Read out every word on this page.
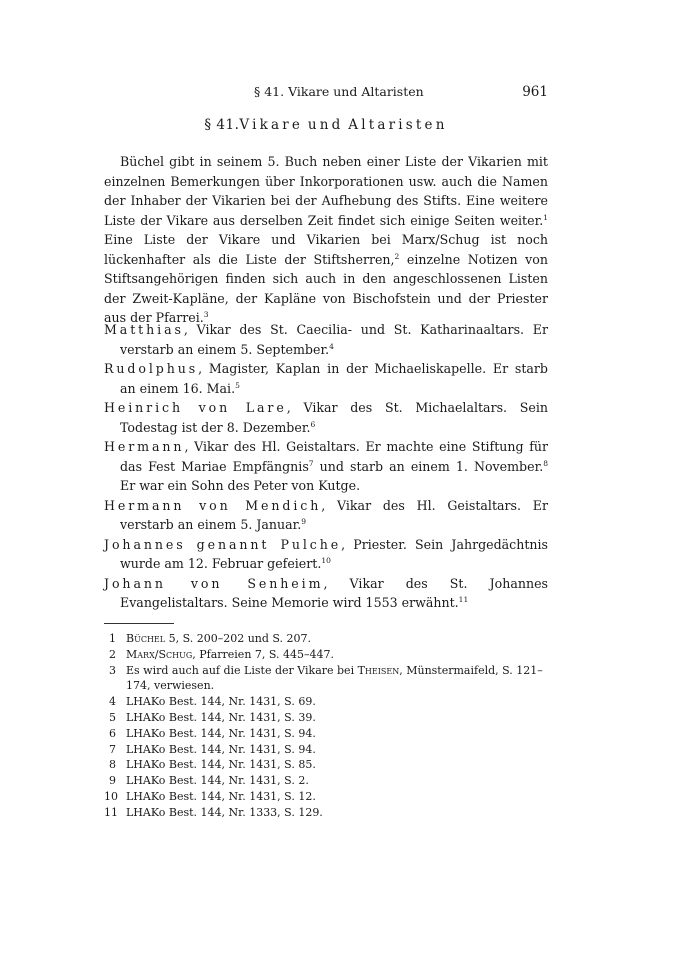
§ 41. Vikare und Altaristen	961
§ 41.Vikare und Altaristen

Büchel gibt in seinem 5. Buch neben einer Liste der Vikarien mit einzelnen Bemerkungen über Inkorporationen usw. auch die Namen der Inhaber der Vikarien bei der Aufhebung des Stifts. Eine weitere Liste der Vikare aus derselben Zeit findet sich einige Seiten weiter.$^1$ Eine Liste der Vikare und Vikarien bei Marx/Schug ist noch lückenhafter als die Liste der Stiftsherren,$^2$ einzelne Notizen von Stiftsangehörigen finden sich auch in den angeschlossenen Listen der Zweit-Kapläne, der Kapläne von Bischofstein und der Priester aus der Pfarrei.$^3$

Matthias, Vikar des St. Caecilia- und St. Katharinaaltars. Er verstarb an einem 5. September.$^4$

Rudolphus, Magister, Kaplan in der Michaeliskapelle. Er starb an einem 16. Mai.$^5$

Heinrich von Lare, Vikar des St. Michaelaltars. Sein Todestag ist der 8. Dezember.$^6$

Hermann, Vikar des Hl. Geistaltars. Er machte eine Stiftung für das Fest Mariae Empfängnis$^7$ und starb an einem 1. November.$^8$ Er war ein Sohn des Peter von Kutge.

Hermann von Mendich, Vikar des Hl. Geistaltars. Er verstarb an einem 5. Januar.$^9$

Johannes genannt Pulche, Priester. Sein Jahrgedächtnis wurde am 12. Februar gefeiert.$^{10}$

Johann von Senheim, Vikar des St. Johannes Evangelistaltars. Seine Memorie wird 1553 erwähnt.$^{11}$

1 Büchel 5, S. 200–202 und S. 207.
2 Marx/Schug, Pfarreien 7, S. 445–447.
3 Es wird auch auf die Liste der Vikare bei Theisen, Münstermaifeld, S. 121–174, verwiesen.
4 LHAKo Best. 144, Nr. 1431, S. 69.
5 LHAKo Best. 144, Nr. 1431, S. 39.
6 LHAKo Best. 144, Nr. 1431, S. 94.
7 LHAKo Best. 144, Nr. 1431, S. 94.
8 LHAKo Best. 144, Nr. 1431, S. 85.
9 LHAKo Best. 144, Nr. 1431, S. 2.
10 LHAKo Best. 144, Nr. 1431, S. 12.
11 LHAKo Best. 144, Nr. 1333, S. 129.
